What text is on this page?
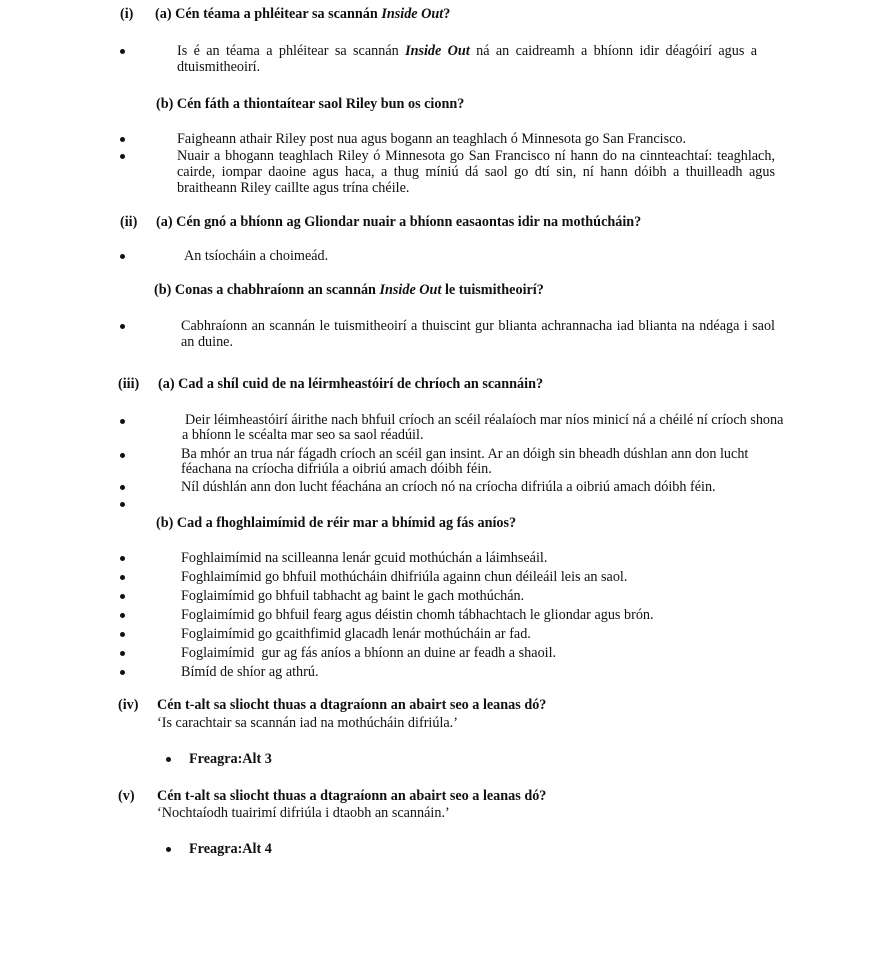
(i) (a) Cén téama a phléitear sa scannán Inside Out?
Is é an téama a phléitear sa scannán Inside Out ná an caidreamh a bhíonn idir déagóirí agus a dtuismitheoirí.
(b) Cén fáth a thiontaítear saol Riley bun os cionn?
Faigheann athair Riley post nua agus bogann an teaghlach ó Minnesota go San Francisco.
Nuair a bhogann teaghlach Riley ó Minnesota go San Francisco ní hann do na cinnteachtaí: teaghlach, cairde, iompar daoine agus haca, a thug míniú dá saol go dtí sin, ní hann dóibh a thuilleadh agus braitheann Riley caillte agus trína chéile.
(ii) (a) Cén gnó a bhíonn ag Gliondar nuair a bhíonn easaontas idir na mothúcháin?
An tsíocháin a choimeád.
(b) Conas a chabhraíonn an scannán Inside Out le tuismitheoirí?
Cabhraíonn an scannán le tuismitheoirí a thuiscint gur blianta achrannacha iad blianta na ndéaga i saol an duine.
(iii) (a) Cad a shíl cuid de na léirmheastóirí de chríoch an scannáin?
Deir léimheastóirí áirithe nach bhfuil críoch an scéil réalaíoch mar níos minicí ná a chéilé ní críoch shona a bhíonn le scéalta mar seo sa saol réadúil.
Ba mhór an trua nár fágadh críoch an scéil gan insint. Ar an dóigh sin bheadh dúshlan ann don lucht féachana na críocha difriúla a oibriú amach dóibh féin.
Níl dúshlán ann don lucht féachána an críoch nó na críocha difriúla a oibriú amach dóibh féin.
(b) Cad a fhoghlaimímid de réir mar a bhímid ag fás aníos?
Foghlaimímid na scilleanna lenár gcuid mothúchán a láimhseáil.
Foghlaimímid go bhfuil mothúcháin dhifriúla againn chun déileáil leis an saol.
Foglaimímid go bhfuil tabhacht ag baint le gach mothúchán.
Foglaimímid go bhfuil fearg agus déistin chomh tábhachtach le gliondar agus brón.
Foglaimímid go gcaithfimid glacadh lenár mothúcháin ar fad.
Foglaimímid  gur ag fás aníos a bhíonn an duine ar feadh a shaoil.
Bímíd de shíor ag athrú.
(iv) Cén t-alt sa sliocht thuas a dtagraíonn an abairt seo a leanas dó?
‘Is carachtair sa scannán iad na mothúcháin difriúla.’
Freagra:Alt 3
(v) Cén t-alt sa sliocht thuas a dtagraíonn an abairt seo a leanas dó?
‘Nochtaíodh tuairimí difriúla i dtaobh an scannáin.’
Freagra:Alt 4
